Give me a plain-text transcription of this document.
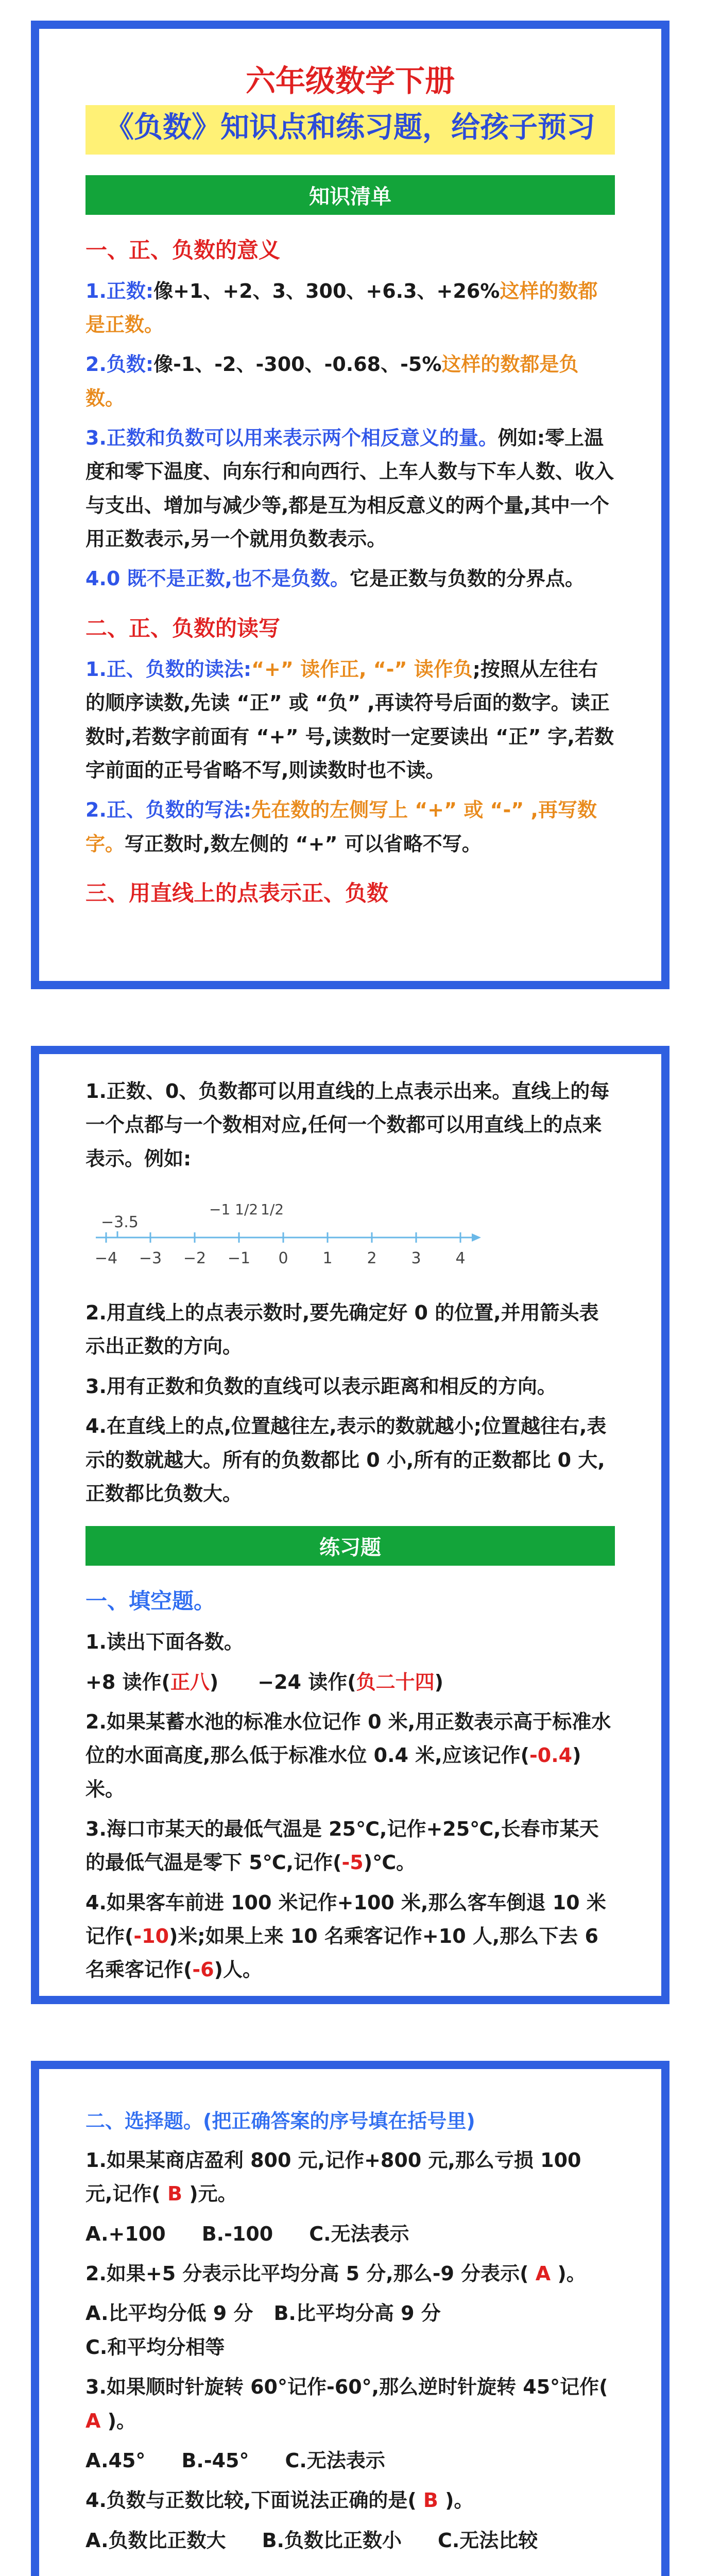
六年级数学下册
《负数》知识点和练习题，给孩子预习
知识清单
一、正、负数的意义

1.正数:像+1、+2、3、300、+6.3、+26%这样的数都是正数。

2.负数:像-1、-2、-300、-0.68、-5%这样的数都是负数。

3.正数和负数可以用来表示两个相反意义的量。例如:零上温度和零下温度、向东行和向西行、上车人数与下车人数、收入与支出、增加与减少等,都是互为相反意义的两个量,其中一个用正数表示,另一个就用负数表示。

4.0 既不是正数,也不是负数。它是正数与负数的分界点。

二、正、负数的读写

1.正、负数的读法:“+” 读作正, “-” 读作负;按照从左往右的顺序读数,先读 “正” 或 “负” ,再读符号后面的数字。读正数时,若数字前面有 “+” 号,读数时一定要读出 “正” 字,若数字前面的正号省略不写,则读数时也不读。

2.正、负数的写法:先在数的左侧写上 “+” 或 “-” ,再写数字。写正数时,数左侧的 “+” 可以省略不写。

三、用直线上的点表示正、负数

1.正数、0、负数都可以用直线的上点表示出来。直线上的每一个点都与一个数相对应,任何一个数都可以用直线上的点来表示。例如:

−4 −3 −2 −1 0 1 2 3 4
−3.5
−1 1/2 1/2

2.用直线上的点表示数时,要先确定好 0 的位置,并用箭头表示出正数的方向。

3.用有正数和负数的直线可以表示距离和相反的方向。

4.在直线上的点,位置越往左,表示的数就越小;位置越往右,表示的数就越大。所有的负数都比 0 小,所有的正数都比 0 大,正数都比负数大。

练习题
一、填空题。

1.读出下面各数。

+8 读作(正八)　　−24 读作(负二十四)

2.如果某蓄水池的标准水位记作 0 米,用正数表示高于标准水位的水面高度,那么低于标准水位 0.4 米,应该记作(-0.4)米。

3.海口市某天的最低气温是 25℃,记作+25℃,长春市某天的最低气温是零下 5℃,记作(-5)℃。

4.如果客车前进 100 米记作+100 米,那么客车倒退 10 米记作(-10)米;如果上来 10 名乘客记作+10 人,那么下去 6 名乘客记作(-6)人。

二、选择题。(把正确答案的序号填在括号里)

1.如果某商店盈利 800 元,记作+800 元,那么亏损 100 元,记作( B )元。

A.+100 B.-100 C.无法表示

2.如果+5 分表示比平均分高 5 分,那么-9 分表示( A )。

A.比平均分低 9 分 B.比平均分高 9 分C.和平均分相等

3.如果顺时针旋转 60°记作-60°,那么逆时针旋转 45°记作( A )。

A.45° B.-45° C.无法表示

4.负数与正数比较,下面说法正确的是( B )。

A.负数比正数大 B.负数比正数小 C.无法比较
